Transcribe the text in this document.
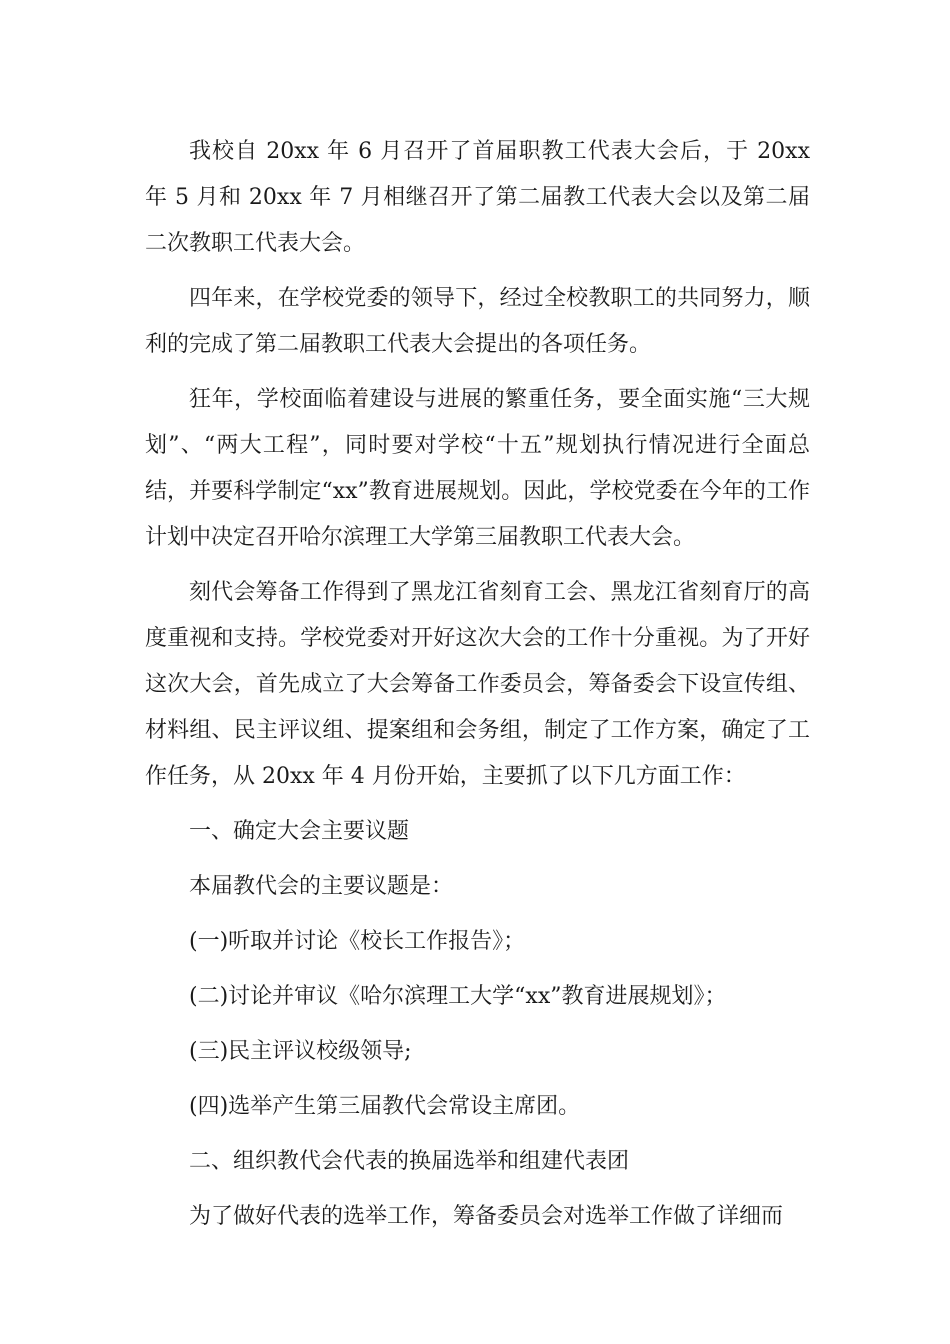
我校自 20xx 年 6 月召开了首届职教工代表大会后，于 20xx 年 5 月和 20xx 年 7 月相继召开了第二届教工代表大会以及第二届二次教职工代表大会。

四年来，在学校党委的领导下，经过全校教职工的共同努力，顺利的完成了第二届教职工代表大会提出的各项任务。

狂年，学校面临着建设与进展的繁重任务，要全面实施“三大规划”、“两大工程”，同时要对学校“十五”规划执行情况进行全面总结，并要科学制定“xx”教育进展规划。因此，学校党委在今年的工作计划中决定召开哈尔滨理工大学第三届教职工代表大会。

刻代会筹备工作得到了黑龙江省刻育工会、黑龙江省刻育厅的高度重视和支持。学校党委对开好这次大会的工作十分重视。为了开好这次大会，首先成立了大会筹备工作委员会，筹备委会下设宣传组、材料组、民主评议组、提案组和会务组，制定了工作方案，确定了工作任务，从 20xx 年 4 月份开始，主要抓了以下几方面工作：

一、确定大会主要议题

本届教代会的主要议题是：

(一)听取并讨论《校长工作报告》；

(二)讨论并审议《哈尔滨理工大学“xx”教育进展规划》；

(三)民主评议校级领导;

(四)选举产生第三届教代会常设主席团。

二、组织教代会代表的换届选举和组建代表团

为了做好代表的选举工作，筹备委员会对选举工作做了详细而
